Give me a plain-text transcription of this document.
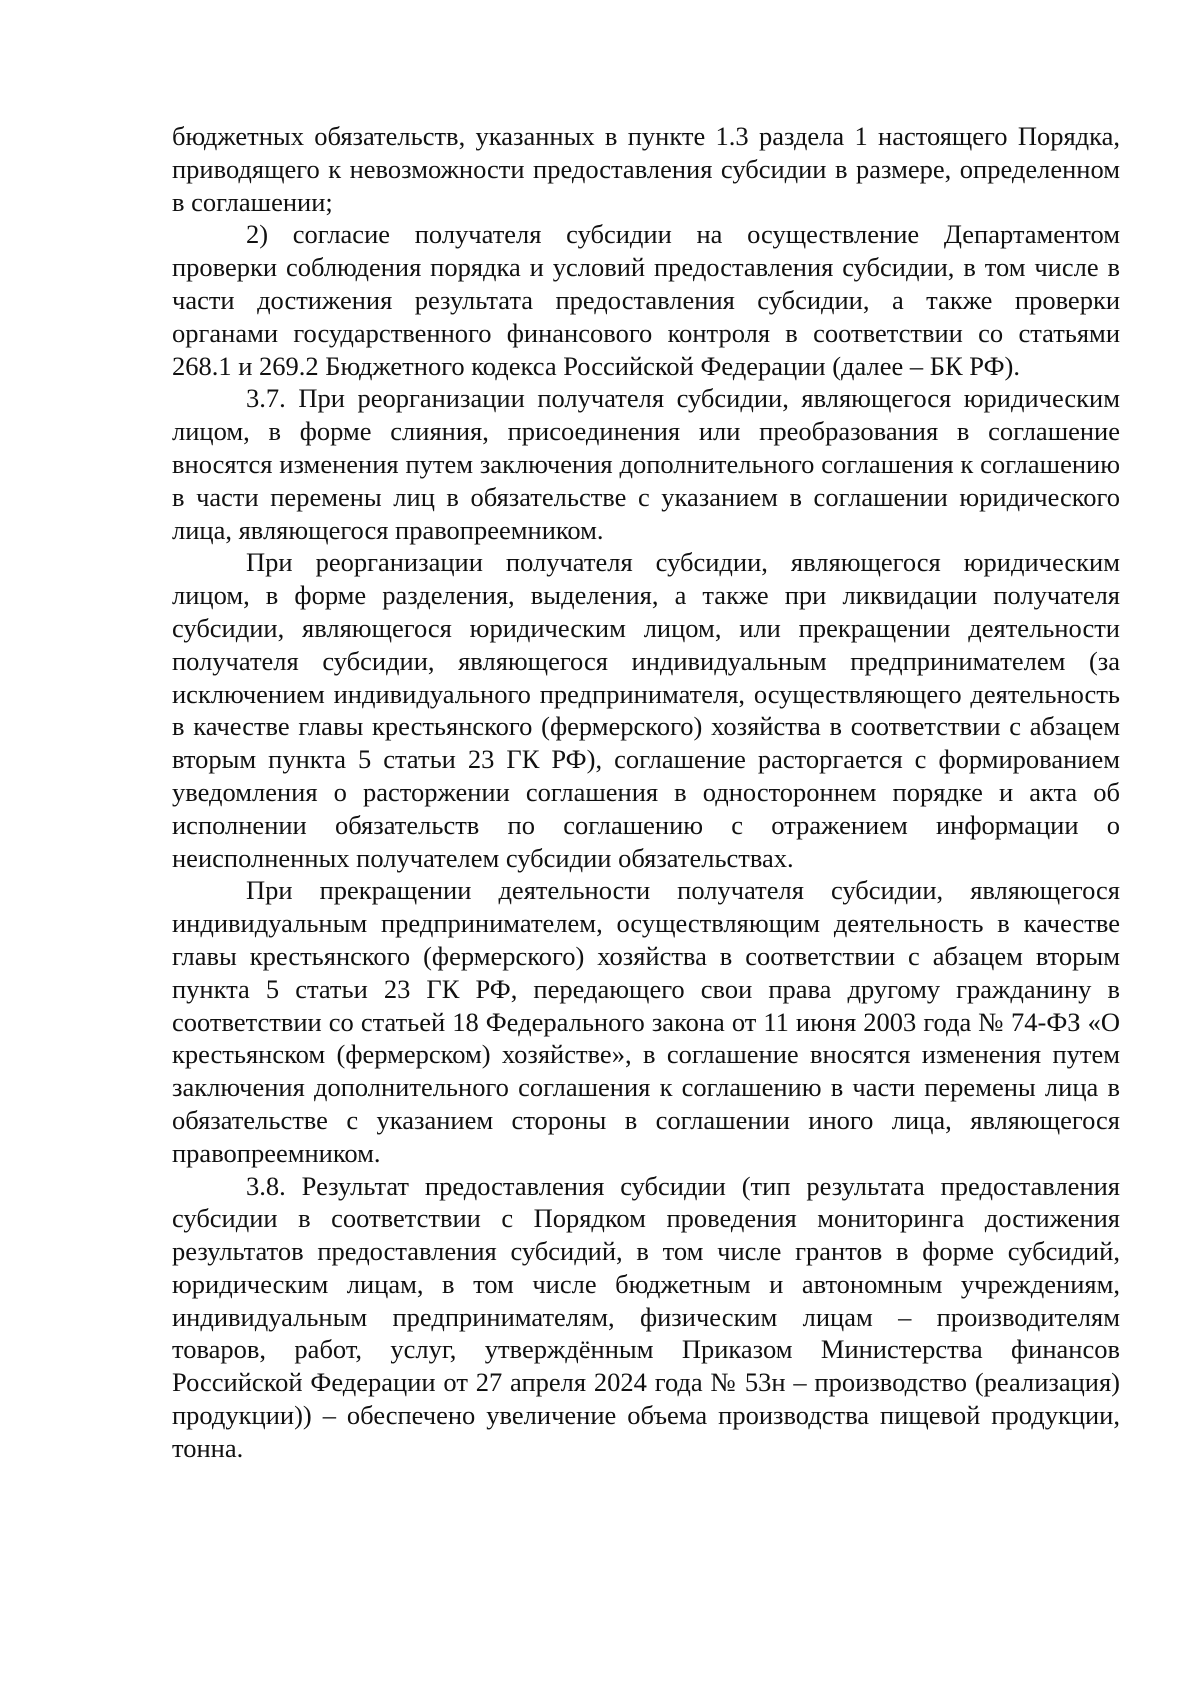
бюджетных обязательств, указанных в пункте 1.3 раздела 1 настоящего Порядка, приводящего к невозможности предоставления субсидии в размере, определенном в соглашении;

2) согласие получателя субсидии на осуществление Департаментом проверки соблюдения порядка и условий предоставления субсидии, в том числе в части достижения результата предоставления субсидии, а также проверки органами государственного финансового контроля в соответствии со статьями 268.1 и 269.2 Бюджетного кодекса Российской Федерации (далее – БК РФ).

3.7. При реорганизации получателя субсидии, являющегося юридическим лицом, в форме слияния, присоединения или преобразования в соглашение вносятся изменения путем заключения дополнительного соглашения к соглашению в части перемены лиц в обязательстве с указанием в соглашении юридического лица, являющегося правопреемником.

При реорганизации получателя субсидии, являющегося юридическим лицом, в форме разделения, выделения, а также при ликвидации получателя субсидии, являющегося юридическим лицом, или прекращении деятельности получателя субсидии, являющегося индивидуальным предпринимателем (за исключением индивидуального предпринимателя, осуществляющего деятельность в качестве главы крестьянского (фермерского) хозяйства в соответствии с абзацем вторым пункта 5 статьи 23 ГК РФ), соглашение расторгается с формированием уведомления о расторжении соглашения в одностороннем порядке и акта об исполнении обязательств по соглашению с отражением информации о неисполненных получателем субсидии обязательствах.

При прекращении деятельности получателя субсидии, являющегося индивидуальным предпринимателем, осуществляющим деятельность в качестве главы крестьянского (фермерского) хозяйства в соответствии с абзацем вторым пункта 5 статьи 23 ГК РФ, передающего свои права другому гражданину в соответствии со статьей 18 Федерального закона от 11 июня 2003 года № 74-ФЗ «О крестьянском (фермерском) хозяйстве», в соглашение вносятся изменения путем заключения дополнительного соглашения к соглашению в части перемены лица в обязательстве с указанием стороны в соглашении иного лица, являющегося правопреемником.

3.8. Результат предоставления субсидии (тип результата предоставления субсидии в соответствии с Порядком проведения мониторинга достижения результатов предоставления субсидий, в том числе грантов в форме субсидий, юридическим лицам, в том числе бюджетным и автономным учреждениям, индивидуальным предпринимателям, физическим лицам – производителям товаров, работ, услуг, утверждённым Приказом Министерства финансов Российской Федерации от 27 апреля 2024 года № 53н – производство (реализация) продукции)) – обеспечено увеличение объема производства пищевой продукции, тонна.
